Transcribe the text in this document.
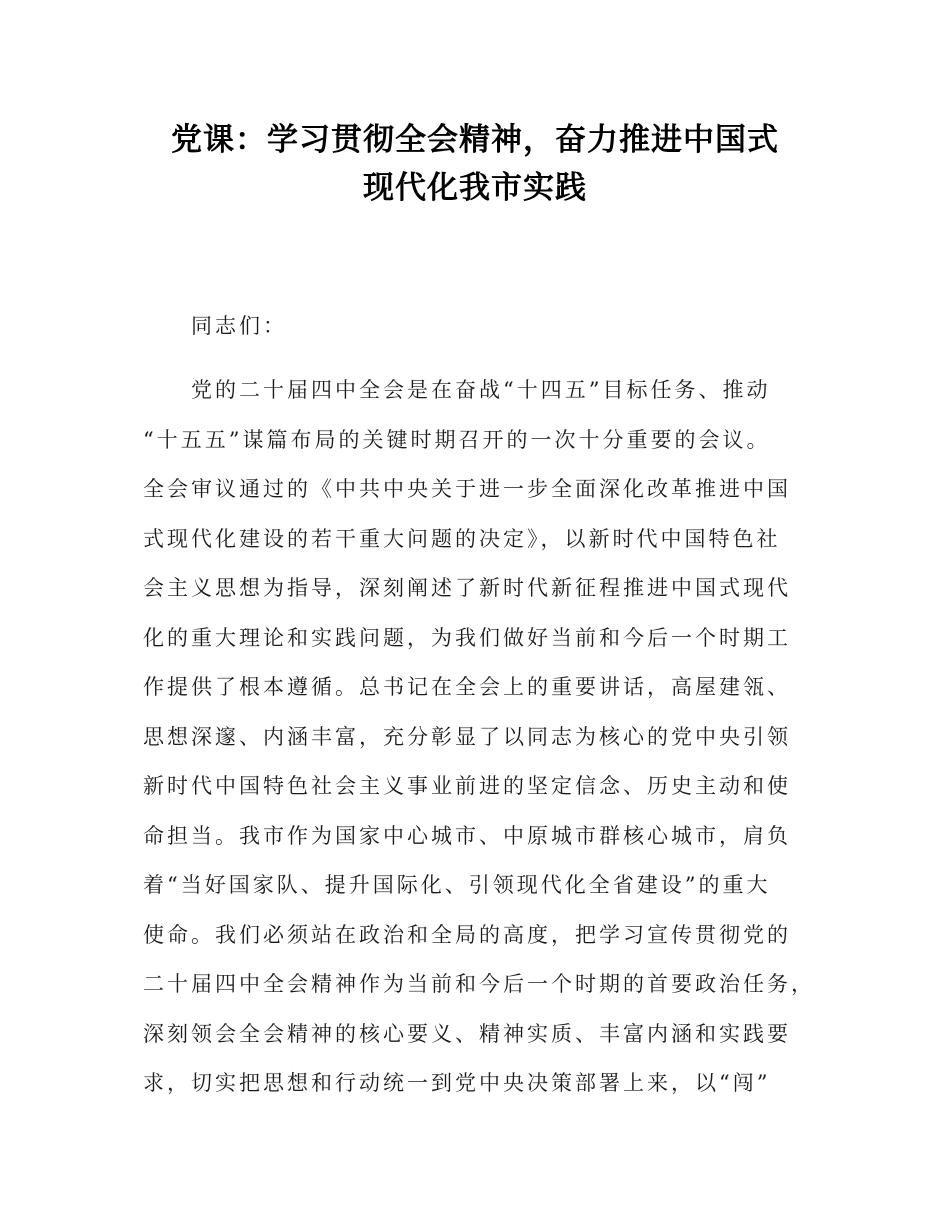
党课：学习贯彻全会精神，奋力推进中国式
现代化我市实践

同志们：

党的二十届四中全会是在奋战“十四五”目标任务、推动
“十五五”谋篇布局的关键时期召开的一次十分重要的会议。
全会审议通过的《中共中央关于进一步全面深化改革推进中国
式现代化建设的若干重大问题的决定》，以新时代中国特色社
会主义思想为指导，深刻阐述了新时代新征程推进中国式现代
化的重大理论和实践问题，为我们做好当前和今后一个时期工
作提供了根本遵循。总书记在全会上的重要讲话，高屋建瓴、
思想深邃、内涵丰富，充分彰显了以同志为核心的党中央引领
新时代中国特色社会主义事业前进的坚定信念、历史主动和使
命担当。我市作为国家中心城市、中原城市群核心城市，肩负
着“当好国家队、提升国际化、引领现代化全省建设”的重大
使命。我们必须站在政治和全局的高度，把学习宣传贯彻党的
二十届四中全会精神作为当前和今后一个时期的首要政治任务，
深刻领会全会精神的核心要义、精神实质、丰富内涵和实践要
求，切实把思想和行动统一到党中央决策部署上来，以“闯”
